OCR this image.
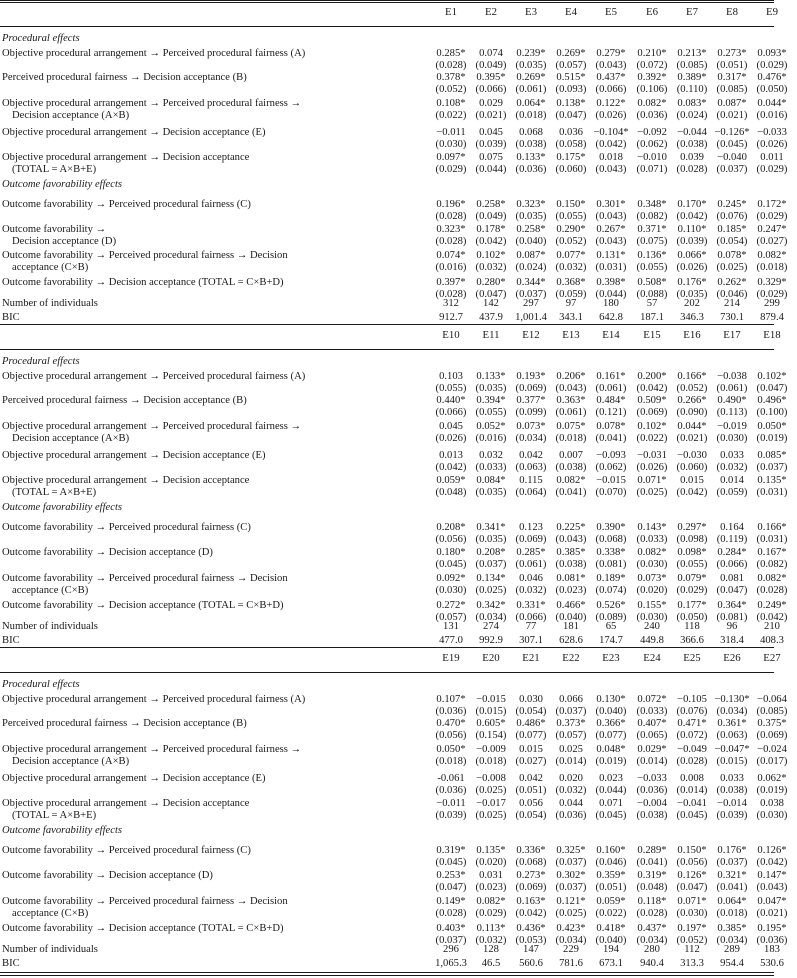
E1	E2	E3	E4	E5	E6	E7	E8	E9
Procedural effects
Outcome favorability effects
Objective procedural arrangement → Perceived procedural fairness (A)	0.285*	0.074	0.239*	0.269*	0.279*	0.210*	0.213*	0.273*	0.093*
(0.028) (0.049) (0.035) (0.057) (0.043) (0.072) (0.085) (0.051) (0.029)
Perceived procedural fairness → Decision acceptance (B)	0.378*	0.395*	0.269*	0.515*	0.437*	0.392*	0.389*	0.317*	0.476*
(0.052) (0.066) (0.061) (0.093) (0.066) (0.106) (0.110) (0.085) (0.050)
Objective procedural arrangement → Perceived procedural fairness →
Decision acceptance (A×B)
0.108*	0.029	0.064*	0.138*	0.122*	0.082*	0.083*	0.087*	0.044*
(0.022) (0.021) (0.018) (0.047) (0.026) (0.036) (0.024) (0.021) (0.016)
Objective procedural arrangement → Decision acceptance (E)	−0.011	0.045	0.068	0.036 −0.104* −0.092 −0.044 −0.126* −0.033
(0.030) (0.039) (0.038) (0.058) (0.042) (0.062) (0.038) (0.045) (0.026)
Objective procedural arrangement → Decision acceptance
(TOTAL = A×B+E)
0.097*	0.075	0.133*	0.175*	0.018	−0.010	0.039	−0.040	0.011
(0.029) (0.044) (0.036) (0.060) (0.043) (0.071) (0.028) (0.037) (0.029)
Outcome favorability → Perceived procedural fairness (C)	0.196*	0.258*	0.323*	0.150*	0.301*	0.348*	0.170*	0.245*	0.172*
(0.028) (0.049) (0.035) (0.055) (0.043) (0.082) (0.042) (0.076) (0.029)
Outcome favorability →
Decision acceptance (D)
0.323*	0.178*	0.258*	0.290*	0.267*	0.371*	0.110*	0.185*	0.247*
(0.028) (0.042) (0.040) (0.052) (0.043) (0.075) (0.039) (0.054) (0.027)
Outcome favorability → Perceived procedural fairness → Decision
acceptance (C×B)
0.074*	0.102*	0.087*	0.077*	0.131*	0.136*	0.066*	0.078*	0.082*
(0.016) (0.032) (0.024) (0.032) (0.031) (0.055) (0.026) (0.025) (0.018)
Outcome favorability → Decision acceptance (TOTAL = C×B+D)	0.397*	0.280*	0.344*	0.368*	0.398*	0.508*	0.176*	0.262*	0.329*
(0.028) (0.047) (0.037) (0.059) (0.044) (0.088) (0.035) (0.046) (0.029)
Number of individuals
BIC
312	142	297	97	180	57	202	214	299
912.7	437.9	1,001.4	343.1	642.8	187.1	346.3	730.1	879.4
E10	E11	E12	E13	E14	E15	E16	E17	E18
Procedural effects
Outcome favorability effects
Objective procedural arrangement → Perceived procedural fairness (A)	0.103	0.133*	0.193*	0.206*	0.161*	0.200*	0.166* −0.038 0.102*
(0.055) (0.035) (0.069) (0.043) (0.061) (0.042) (0.052) (0.061) (0.047)
Perceived procedural fairness → Decision acceptance (B)	0.440*	0.394*	0.377*	0.363*	0.484*	0.509*	0.266*	0.490*	0.496*
(0.066) (0.055) (0.099) (0.061) (0.121) (0.069) (0.090) (0.113) (0.100)
Objective procedural arrangement → Perceived procedural fairness →
Decision acceptance (A×B)
0.045	0.052*	0.073*	0.075*	0.078*	0.102*	0.044* −0.019 0.050*
(0.026) (0.016) (0.034) (0.018) (0.041) (0.022) (0.021) (0.030) (0.019)
Objective procedural arrangement → Decision acceptance (E)	0.013	0.032	0.042	0.007	−0.093	−0.031 −0.030	0.033	0.085*
(0.042) (0.033) (0.063) (0.038) (0.062) (0.026) (0.060) (0.032) (0.037)
Objective procedural arrangement → Decision acceptance
(TOTAL = A×B+E)
0.059*	0.084*	0.115	0.082* −0.015	0.071*	0.015	0.014	0.135*
(0.048) (0.035) (0.064) (0.041) (0.070) (0.025) (0.042) (0.059) (0.031)
Outcome favorability → Perceived procedural fairness (C)	0.208*	0.341*	0.123	0.225*	0.390*	0.143*	0.297*	0.164	0.166*
(0.056) (0.035) (0.069) (0.043) (0.068) (0.033) (0.098) (0.119) (0.031)
Outcome favorability → Decision acceptance (D)	0.180*	0.208*	0.285*	0.385*	0.338*	0.082*	0.098*	0.284*	0.167*
(0.045) (0.037) (0.061) (0.038) (0.081) (0.030) (0.055) (0.066) (0.082)
Outcome favorability → Perceived procedural fairness → Decision
acceptance (C×B)
0.092*	0.134*	0.046	0.081*	0.189*	0.073*	0.079*	0.081	0.082*
(0.030) (0.025) (0.032) (0.023) (0.074) (0.020) (0.029) (0.047) (0.028)
Outcome favorability → Decision acceptance (TOTAL = C×B+D)	0.272*	0.342*	0.331*	0.466*	0.526*	0.155*	0.177*	0.364*	0.249*
(0.057) (0.034) (0.066) (0.040) (0.089) (0.030) (0.050) (0.081) (0.042)
Number of individuals
BIC
131	274	77	181	65	240	118	96	210
477.0	992.9	307.1	628.6	174.7	449.8	366.6	318.4	408.3
E19	E20	E21	E22	E23	E24	E25	E26	E27
Procedural effects
Outcome favorability effects
Objective procedural arrangement → Perceived procedural fairness (A)	0.107* −0.015	0.030	0.066	0.130*	0.072* −0.105 −0.130* −0.064
(0.036) (0.015) (0.054) (0.037) (0.040) (0.033) (0.076) (0.034) (0.085)
Perceived procedural fairness → Decision acceptance (B)	0.470*	0.605*	0.486*	0.373*	0.366*	0.407*	0.471*	0.361*	0.375*
(0.056) (0.154) (0.077) (0.057) (0.077) (0.065) (0.072) (0.063) (0.069)
Objective procedural arrangement → Perceived procedural fairness →
Decision acceptance (A×B)
0.050* −0.009	0.015	0.025	0.048*	0.029* −0.049 −0.047* −0.024
(0.018) (0.018) (0.027) (0.014) (0.019) (0.014) (0.028) (0.015) (0.017)
Objective procedural arrangement → Decision acceptance (E)	-0.061	−0.008	0.042	0.020	0.023	−0.033	0.008	0.033	0.062*
(0.036) (0.025) (0.051) (0.032) (0.044) (0.036) (0.014) (0.038) (0.019)
Objective procedural arrangement → Decision acceptance
(TOTAL = A×B+E)
−0.011 −0.017	0.056	0.044	0.071	−0.004 −0.041 −0.014	0.038
(0.039) (0.025) (0.054) (0.036) (0.045) (0.038) (0.045) (0.039) (0.030)
Outcome favorability → Perceived procedural fairness (C)	0.319*	0.135*	0.336*	0.325*	0.160*	0.289*	0.150*	0.176*	0.126*
(0.045) (0.020) (0.068) (0.037) (0.046) (0.041) (0.056) (0.037) (0.042)
Outcome favorability → Decision acceptance (D)	0.253*	0.031	0.273*	0.302*	0.359*	0.319*	0.126*	0.321*	0.147*
(0.047) (0.023) (0.069) (0.037) (0.051) (0.048) (0.047) (0.041) (0.043)
Outcome favorability → Perceived procedural fairness → Decision
acceptance (C×B)
0.149*	0.082*	0.163*	0.121*	0.059*	0.118*	0.071*	0.064*	0.047*
(0.028) (0.029) (0.042) (0.025) (0.022) (0.028) (0.030) (0.018) (0.021)
Outcome favorability → Decision acceptance (TOTAL = C×B+D)	0.403*	0.113*	0.436*	0.423*	0.418*	0.437*	0.197*	0.385*	0.195*
(0.037) (0.032) (0.053) (0.034) (0.040) (0.034) (0.052) (0.034) (0.036)
Number of individuals
BIC
296	128	147	229	194	280	112	289	183
1,065.3	46.5	560.6	781.6	673.1	940.4	313.3	954.4	530.6
